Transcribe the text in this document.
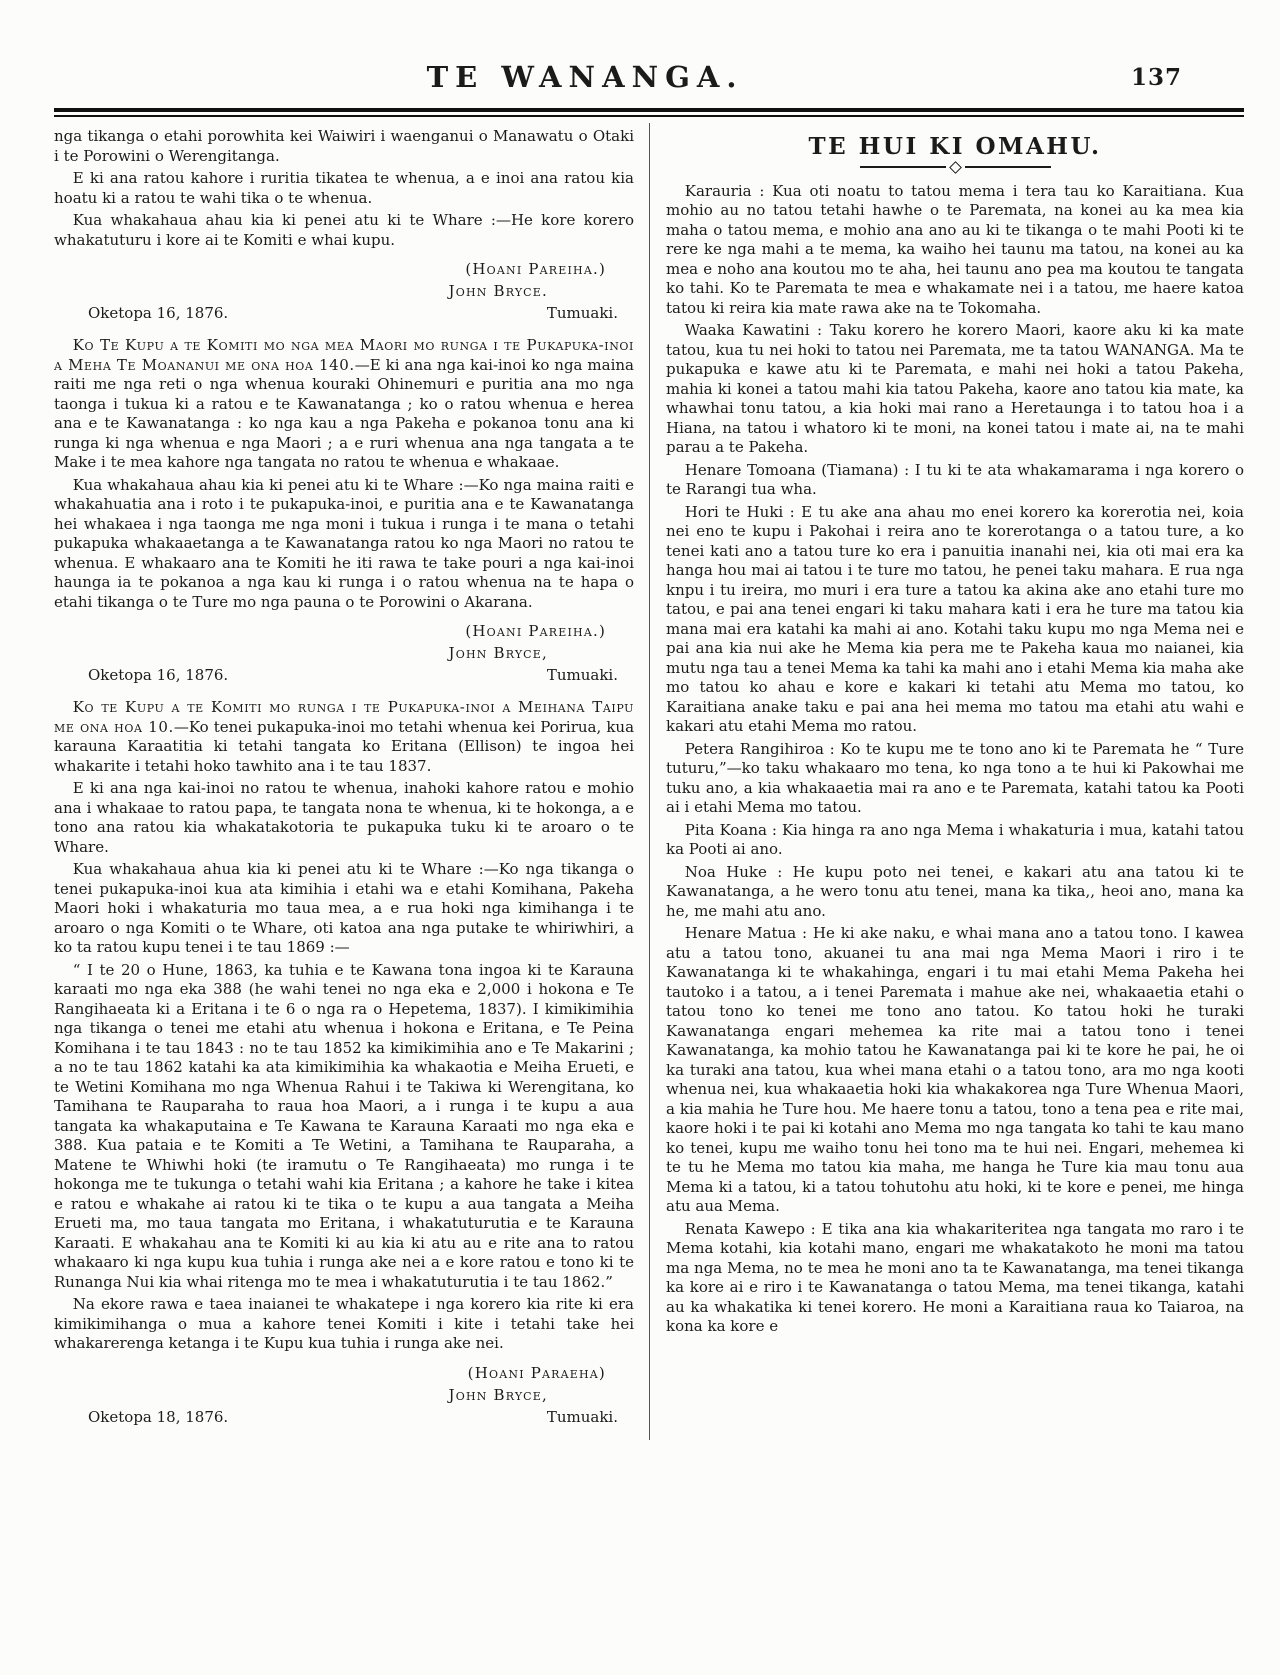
TE WANANGA.	137

nga tikanga o etahi porowhita kei Waiwiri i waenganui o Manawatu o Otaki i te Porowini o Werengitanga.

E ki ana ratou kahore i ruritia tikatea te whenua, a e inoi ana ratou kia hoatu ki a ratou te wahi tika o te whenua.

Kua whakahaua ahau kia ki penei atu ki te Whare :—He kore korero whakatuturu i kore ai te Komiti e whai kupu.

(Hoani Pareiha.)
John Bryce.
Oketopa 16, 1876.	Tumuaki.

Ko Te Kupu a te Komiti mo nga mea Maori mo runga i te Pukapuka-inoi a Meha Te Moananui me ona hoa 140.—E ki ana nga kai-inoi ko nga maina raiti me nga reti o nga whenua kouraki Ohinemuri e puritia ana mo nga taonga i tukua ki a ratou e te Kawanatanga ; ko o ratou whenua e herea ana e te Kawanatanga : ko nga kau a nga Pakeha e pokanoa tonu ana ki runga ki nga whenua e nga Maori ; a e ruri whenua ana nga tangata a te Make i te mea kahore nga tangata no ratou te whenua e whakaae.

Kua whakahaua ahau kia ki penei atu ki te Whare :—Ko nga maina raiti e whakahuatia ana i roto i te pukapuka-inoi, e puritia ana e te Kawanatanga hei whakaea i nga taonga me nga moni i tukua i runga i te mana o tetahi pukapuka whakaaetanga a te Kawanatanga ratou ko nga Maori no ratou te whenua. E whakaaro ana te Komiti he iti rawa te take pouri a nga kai-inoi haunga ia te pokanoa a nga kau ki runga i o ratou whenua na te hapa o etahi tikanga o te Ture mo nga pauna o te Porowini o Akarana.

(Hoani Pareiha.)
John Bryce,
Oketopa 16, 1876.	Tumuaki.

Ko te Kupu a te Komiti mo runga i te Pukapuka-inoi a Meihana Taipu me ona hoa 10.—Ko tenei pukapuka-inoi mo tetahi whenua kei Porirua, kua karauna Karaatitia ki tetahi tangata ko Eritana (Ellison) te ingoa hei whakarite i tetahi hoko tawhito ana i te tau 1837.

E ki ana nga kai-inoi no ratou te whenua, inahoki kahore ratou e mohio ana i whakaae to ratou papa, te tangata nona te whenua, ki te hokonga, a e tono ana ratou kia whakatakotoria te pukapuka tuku ki te aroaro o te Whare.

Kua whakahaua ahua kia ki penei atu ki te Whare :—Ko nga tikanga o tenei pukapuka-inoi kua ata kimihia i etahi wa e etahi Komihana, Pakeha Maori hoki i whakaturia mo taua mea, a e rua hoki nga kimihanga i te aroaro o nga Komiti o te Whare, oti katoa ana nga putake te whiriwhiri, a ko ta ratou kupu tenei i te tau 1869 :—

“ I te 20 o Hune, 1863, ka tuhia e te Kawana tona ingoa ki te Karauna karaati mo nga eka 388 (he wahi tenei no nga eka e 2,000 i hokona e Te Rangihaeata ki a Eritana i te 6 o nga ra o Hepetema, 1837). I kimikimihia nga tikanga o tenei me etahi atu whenua i hokona e Eritana, e Te Peina Komihana i te tau 1843 : no te tau 1852 ka kimikimihia ano e Te Makarini ; a no te tau 1862 katahi ka ata kimikimihia ka whakaotia e Meiha Erueti, e te Wetini Komihana mo nga Whenua Rahui i te Takiwa ki Werengitana, ko Tamihana te Rauparaha to raua hoa Maori, a i runga i te kupu a aua tangata ka whakaputaina e Te Kawana te Karauna Karaati mo nga eka e 388. Kua pataia e te Komiti a Te Wetini, a Tamihana te Rauparaha, a Matene te Whiwhi hoki (te iramutu o Te Rangihaeata) mo runga i te hokonga me te tukunga o tetahi wahi kia Eritana ; a kahore he take i kitea e ratou e whakahe ai ratou ki te tika o te kupu a aua tangata a Meiha Erueti ma, mo taua tangata mo Eritana, i whakatuturutia e te Karauna Karaati. E whakahau ana te Komiti ki au kia ki atu au e rite ana to ratou whakaaro ki nga kupu kua tuhia i runga ake nei a e kore ratou e tono ki te Runanga Nui kia whai ritenga mo te mea i whakatuturutia i te tau 1862.”

Na ekore rawa e taea inaianei te whakatepe i nga korero kia rite ki era kimikimihanga o mua a kahore tenei Komiti i kite i tetahi take hei whakarerenga ketanga i te Kupu kua tuhia i runga ake nei.

(Hoani Paraeha)
John Bryce,
Oketopa 18, 1876.	Tumuaki.
TE HUI KI OMAHU.

Karauria : Kua oti noatu to tatou mema i tera tau ko Karaitiana. Kua mohio au no tatou tetahi hawhe o te Paremata, na konei au ka mea kia maha o tatou mema, e mohio ana ano au ki te tikanga o te mahi Pooti ki te rere ke nga mahi a te mema, ka waiho hei taunu ma tatou, na konei au ka mea e noho ana koutou mo te aha, hei taunu ano pea ma koutou te tangata ko tahi. Ko te Paremata te mea e whakamate nei i a tatou, me haere katoa tatou ki reira kia mate rawa ake na te Tokomaha.

Waaka Kawatini : Taku korero he korero Maori, kaore aku ki ka mate tatou, kua tu nei hoki to tatou nei Paremata, me ta tatou WANANGA. Ma te pukapuka e kawe atu ki te Paremata, e mahi nei hoki a tatou Pakeha, mahia ki konei a tatou mahi kia tatou Pakeha, kaore ano tatou kia mate, ka whawhai tonu tatou, a kia hoki mai rano a Heretaunga i to tatou hoa i a Hiana, na tatou i whatoro ki te moni, na konei tatou i mate ai, na te mahi parau a te Pakeha.

Henare Tomoana (Tiamana) : I tu ki te ata whakamarama i nga korero o te Rarangi tua wha.

Hori te Huki : E tu ake ana ahau mo enei korero ka korerotia nei, koia nei eno te kupu i Pakohai i reira ano te korerotanga o a tatou ture, a ko tenei kati ano a tatou ture ko era i panuitia inanahi nei, kia oti mai era ka hanga hou mai ai tatou i te ture mo tatou, he penei taku mahara. E rua nga knpu i tu ireira, mo muri i era ture a tatou ka akina ake ano etahi ture mo tatou, e pai ana tenei engari ki taku mahara kati i era he ture ma tatou kia mana mai era katahi ka mahi ai ano. Kotahi taku kupu mo nga Mema nei e pai ana kia nui ake he Mema kia pera me te Pakeha kaua mo naianei, kia mutu nga tau a tenei Mema ka tahi ka mahi ano i etahi Mema kia maha ake mo tatou ko ahau e kore e kakari ki tetahi atu Mema mo tatou, ko Karaitiana anake taku e pai ana hei mema mo tatou ma etahi atu wahi e kakari atu etahi Mema mo ratou.

Petera Rangihiroa : Ko te kupu me te tono ano ki te Paremata he “ Ture tuturu,”—ko taku whakaaro mo tena, ko nga tono a te hui ki Pakowhai me tuku ano, a kia whakaaetia mai ra ano e te Paremata, katahi tatou ka Pooti ai i etahi Mema mo tatou.

Pita Koana : Kia hinga ra ano nga Mema i whakaturia i mua, katahi tatou ka Pooti ai ano.

Noa Huke : He kupu poto nei tenei, e kakari atu ana tatou ki te Kawanatanga, a he wero tonu atu tenei, mana ka tika,, heoi ano, mana ka he, me mahi atu ano.

Henare Matua : He ki ake naku, e whai mana ano a tatou tono. I kawea atu a tatou tono, akuanei tu ana mai nga Mema Maori i riro i te Kawanatanga ki te whakahinga, engari i tu mai etahi Mema Pakeha hei tautoko i a tatou, a i tenei Paremata i mahue ake nei, whakaaetia etahi o tatou tono ko tenei me tono ano tatou. Ko tatou hoki he turaki Kawanatanga engari mehemea ka rite mai a tatou tono i tenei Kawanatanga, ka mohio tatou he Kawanatanga pai ki te kore he pai, he oi ka turaki ana tatou, kua whei mana etahi o a tatou tono, ara mo nga kooti whenua nei, kua whakaaetia hoki kia whakakorea nga Ture Whenua Maori, a kia mahia he Ture hou. Me haere tonu a tatou, tono a tena pea e rite mai, kaore hoki i te pai ki kotahi ano Mema mo nga tangata ko tahi te kau mano ko tenei, kupu me waiho tonu hei tono ma te hui nei. Engari, mehemea ki te tu he Mema mo tatou kia maha, me hanga he Ture kia mau tonu aua Mema ki a tatou, ki a tatou tohutohu atu hoki, ki te kore e penei, me hinga atu aua Mema.

Renata Kawepo : E tika ana kia whakariteritea nga tangata mo raro i te Mema kotahi, kia kotahi mano, engari me whakatakoto he moni ma tatou ma nga Mema, no te mea he moni ano ta te Kawanatanga, ma tenei tikanga ka kore ai e riro i te Kawanatanga o tatou Mema, ma tenei tikanga, katahi au ka whakatika ki tenei korero. He moni a Karaitiana raua ko Taiaroa, na kona ka kore e
